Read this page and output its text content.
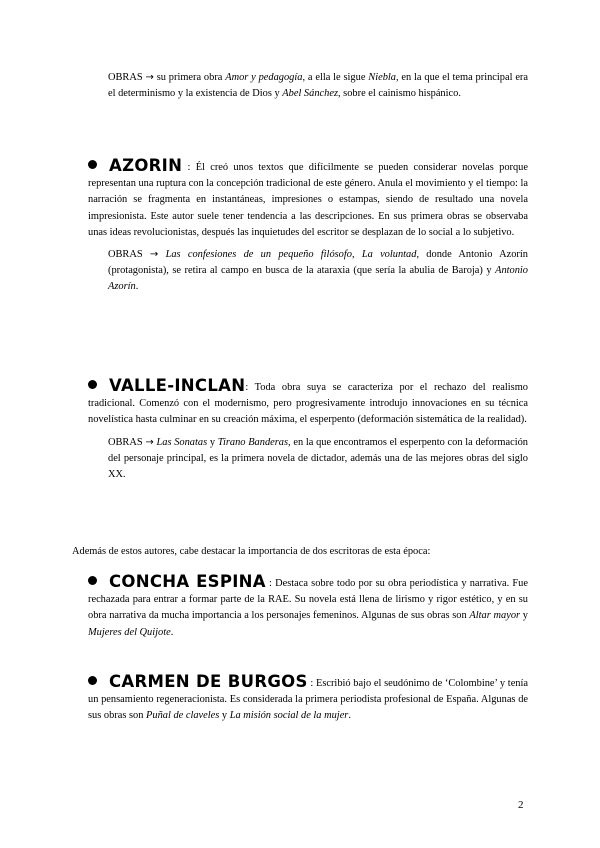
OBRAS → su primera obra Amor y pedagogía, a ella le sigue Niebla, en la que el tema principal era el determinismo y la existencia de Dios y Abel Sánchez, sobre el cainismo hispánico.

AZORIN : Él creó unos textos que difícilmente se pueden considerar novelas porque representan una ruptura con la concepción tradicional de este género. Anula el movimiento y el tiempo: la narración se fragmenta en instantáneas, impresiones o estampas, siendo de resultado una novela impresionista. Este autor suele tener tendencia a las descripciones. En sus primera obras se observaba unas ideas revolucionistas, después las inquietudes del escritor se desplazan de lo social a lo subjetivo.

OBRAS → Las confesiones de un pequeño filósofo, La voluntad, donde Antonio Azorín (protagonista), se retira al campo en busca de la ataraxia (que sería la abulia de Baroja) y Antonio Azorín.

VALLE-INCLAN: Toda obra suya se caracteriza por el rechazo del realismo tradicional. Comenzó con el modernismo, pero progresivamente introdujo innovaciones en su técnica novelística hasta culminar en su creación máxima, el esperpento (deformación sistemática de la realidad).

OBRAS → Las Sonatas y Tirano Banderas, en la que encontramos el esperpento con la deformación del personaje principal, es la primera novela de dictador, además una de las mejores obras del siglo XX.

Además de estos autores, cabe destacar la importancia de dos escritoras de esta época:

CONCHA ESPINA : Destaca sobre todo por su obra periodística y narrativa. Fue rechazada para entrar a formar parte de la RAE. Su novela está llena de lirismo y rigor estético, y en su obra narrativa da mucha importancia a los personajes femeninos. Algunas de sus obras son Altar mayor y Mujeres del Quijote.

CARMEN DE BURGOS : Escribió bajo el seudónimo de ‘Colombine’ y tenía un pensamiento regeneracionista. Es considerada la primera periodista profesional de España. Algunas de sus obras son Puñal de claveles y La misión social de la mujer.

2
